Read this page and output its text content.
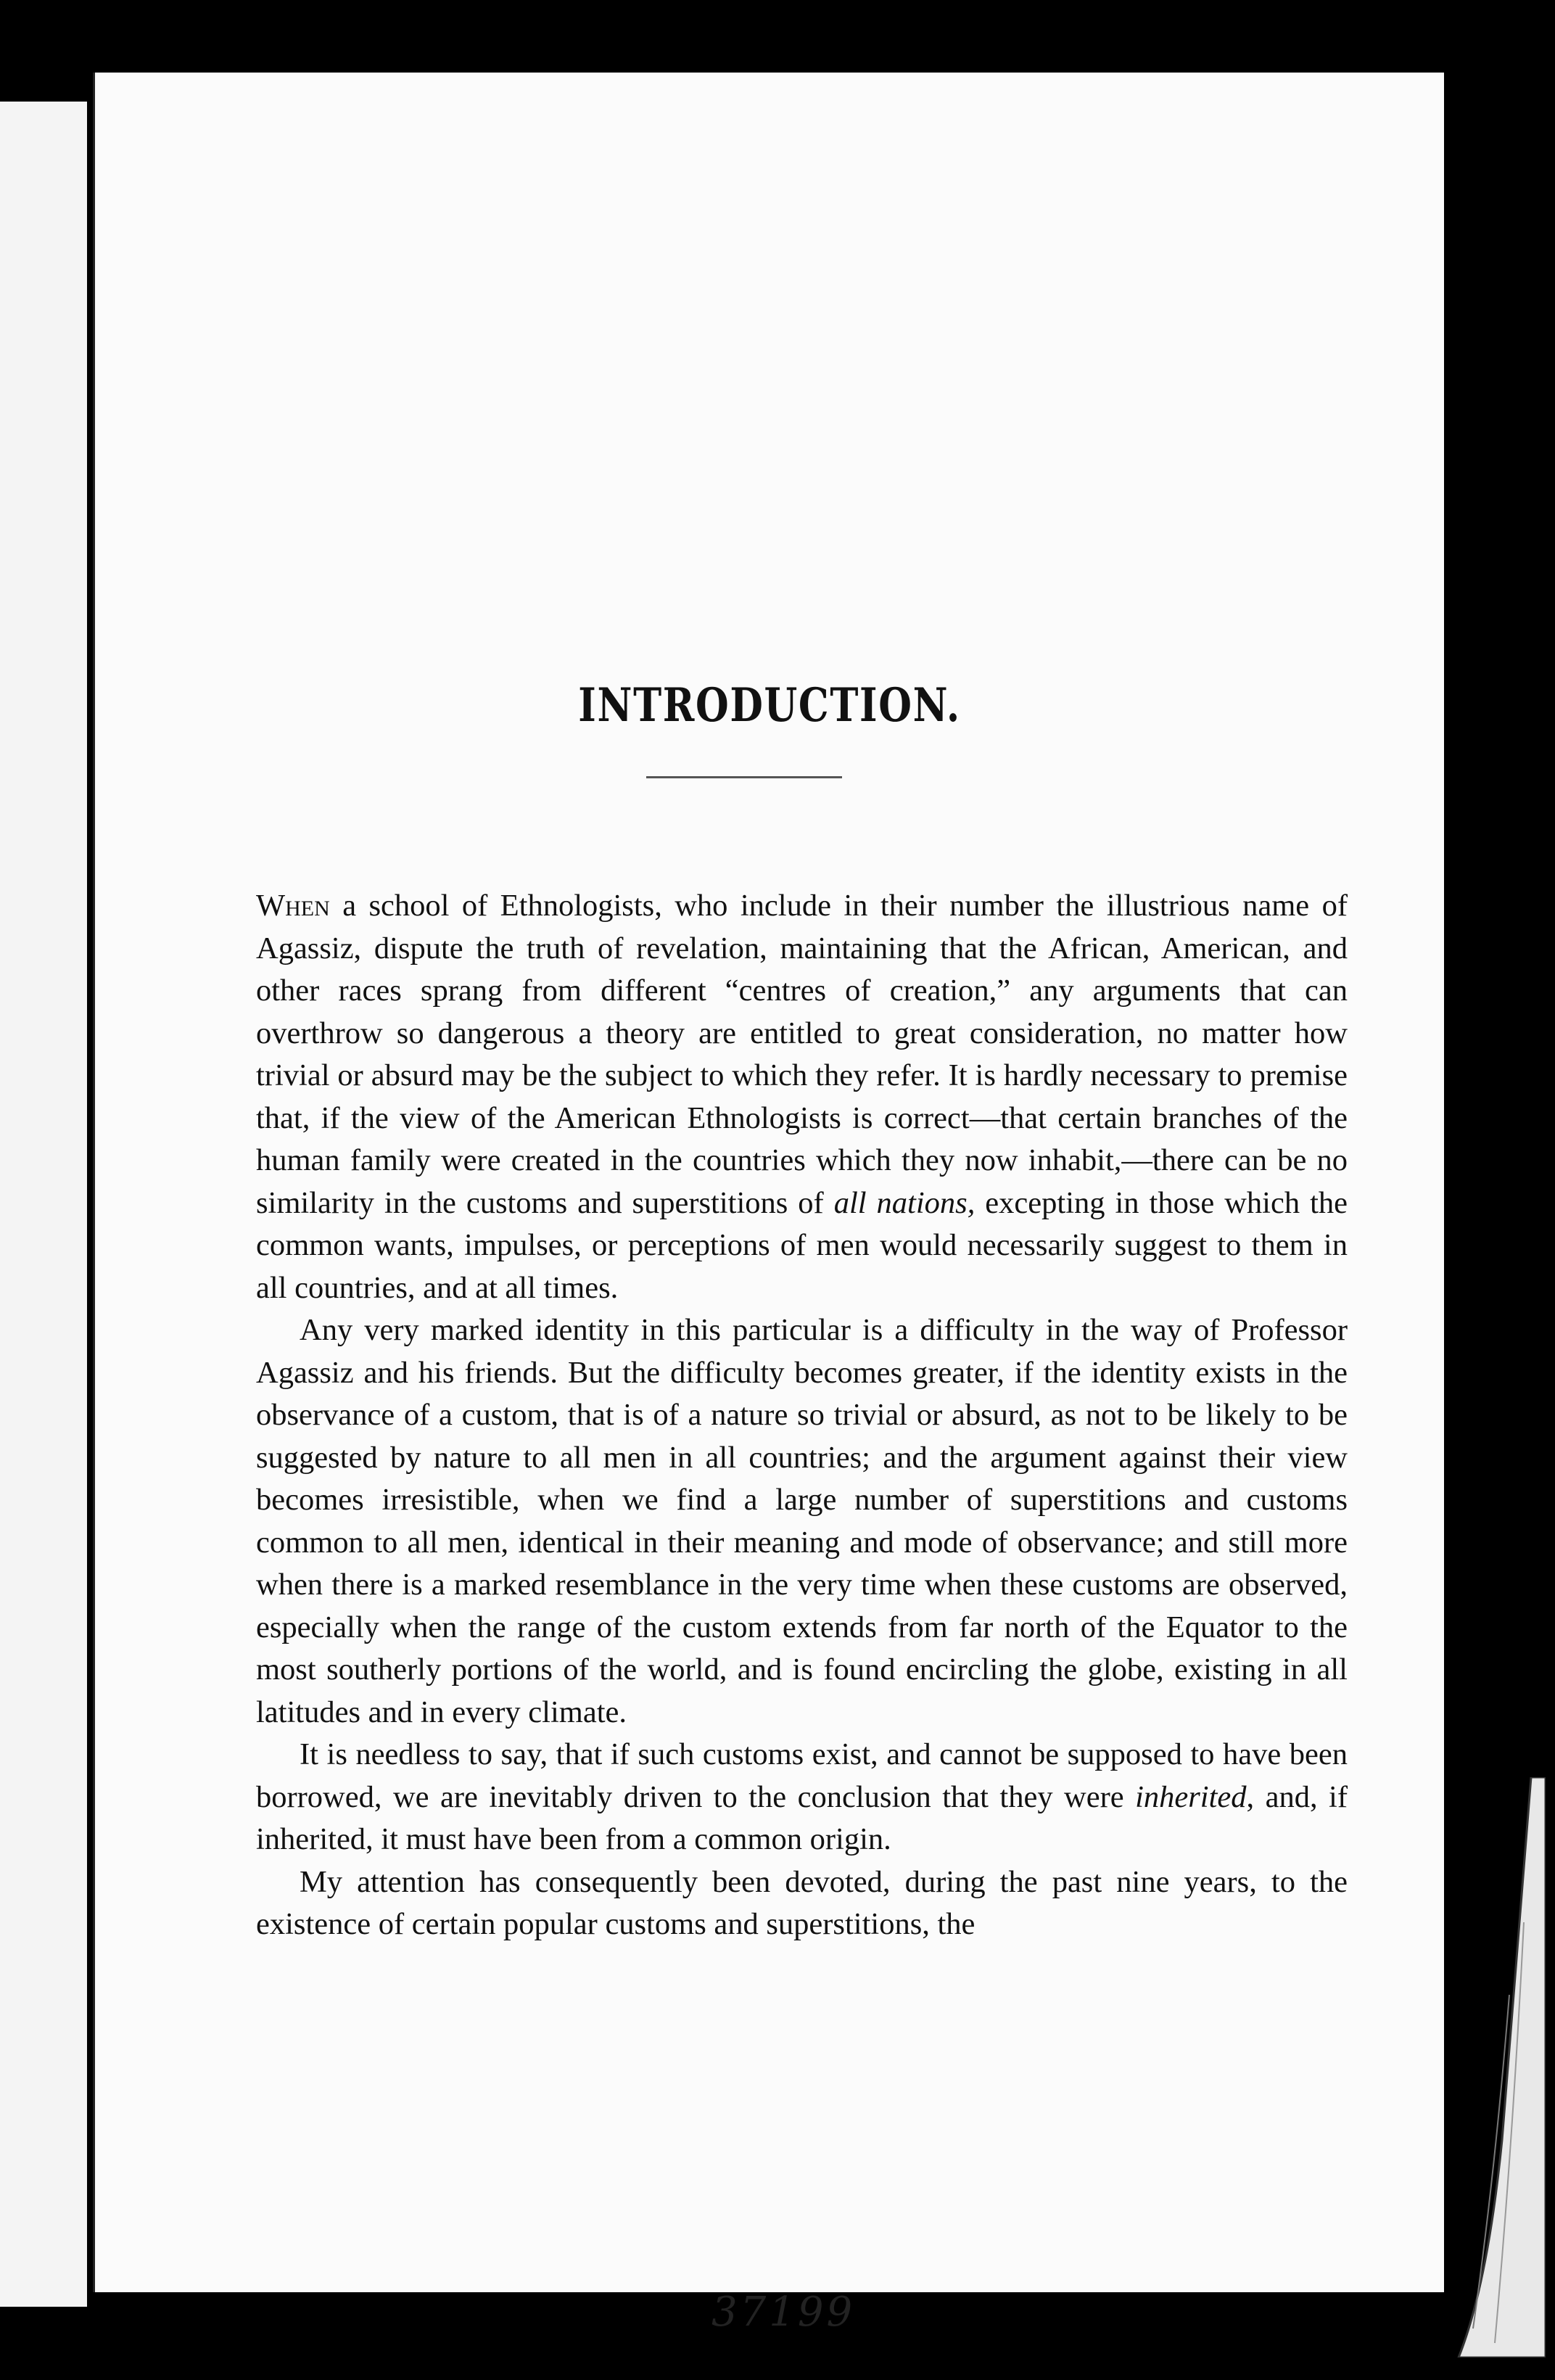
INTRODUCTION.

When a school of Ethnologists, who include in their number the illustrious name of Agassiz, dispute the truth of revelation, maintaining that the African, American, and other races sprang from different “centres of creation,” any arguments that can overthrow so dangerous a theory are entitled to great consideration, no matter how trivial or absurd may be the subject to which they refer. It is hardly necessary to premise that, if the view of the American Ethnologists is correct—that certain branches of the human family were created in the countries which they now inhabit,—there can be no similarity in the customs and superstitions of all nations, excepting in those which the common wants, impulses, or perceptions of men would necessarily suggest to them in all countries, and at all times.

Any very marked identity in this particular is a difficulty in the way of Professor Agassiz and his friends. But the difficulty becomes greater, if the identity exists in the observance of a custom, that is of a nature so trivial or absurd, as not to be likely to be suggested by nature to all men in all countries; and the argument against their view becomes irresistible, when we find a large number of superstitions and customs common to all men, identical in their meaning and mode of observance; and still more when there is a marked resemblance in the very time when these customs are observed, especially when the range of the custom extends from far north of the Equator to the most southerly portions of the world, and is found encircling the globe, existing in all latitudes and in every climate.

It is needless to say, that if such customs exist, and cannot be supposed to have been borrowed, we are inevitably driven to the conclusion that they were inherited, and, if inherited, it must have been from a common origin.

My attention has consequently been devoted, during the past nine years, to the existence of certain popular customs and superstitions, the

37199
